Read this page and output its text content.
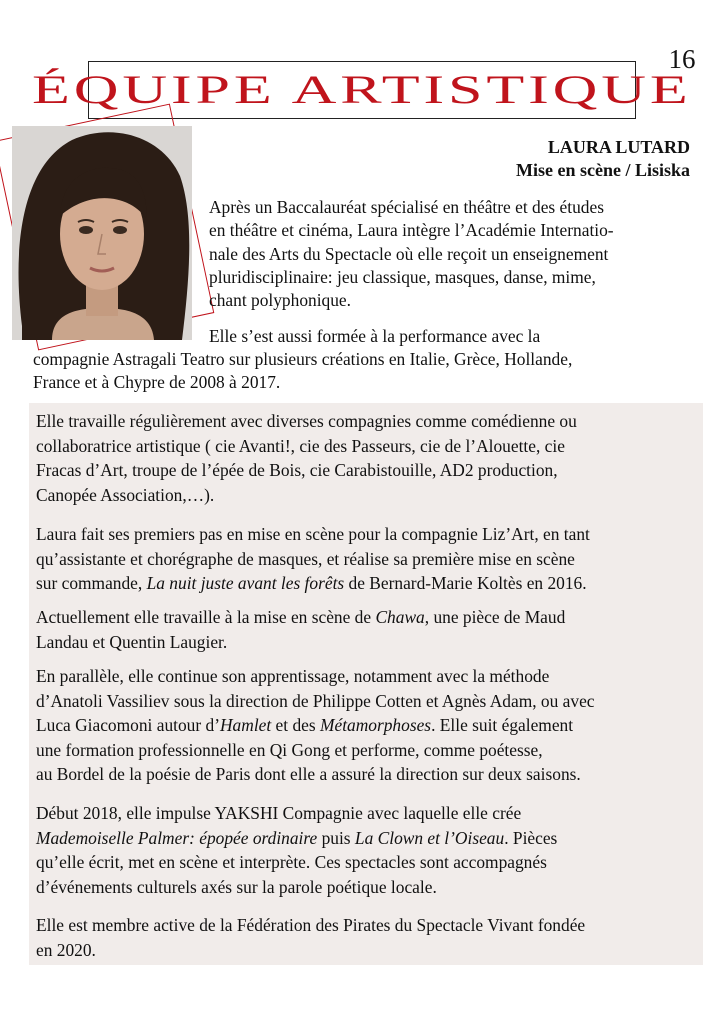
16
ÉQUIPE ARTISTIQUE
LAURA LUTARD
Mise en scène / Lisiska

Après un Baccalauréat spécialisé en théâtre et des études
en théâtre et cinéma, Laura intègre l’Académie Internatio-
nale des Arts du Spectacle où elle reçoit un enseignement
pluridisciplinaire: jeu classique, masques, danse, mime,
chant polyphonique.

Elle s’est aussi formée à la performance avec la

compagnie Astragali Teatro sur plusieurs créations en Italie, Grèce, Hollande,
France et à Chypre de 2008 à 2017.

Elle travaille régulièrement avec diverses compagnies comme comédienne ou
collaboratrice artistique ( cie Avanti!, cie des Passeurs, cie de l’Alouette, cie
Fracas d’Art, troupe de l’épée de Bois, cie Carabistouille, AD2 production,
Canopée Association,…).

Laura fait ses premiers pas en mise en scène pour la compagnie Liz’Art, en tant
qu’assistante et chorégraphe de masques, et réalise sa première mise en scène
sur commande, La nuit juste avant les forêts de Bernard-Marie Koltès en 2016.

Actuellement elle travaille à la mise en scène de Chawa, une pièce de Maud
Landau et Quentin Laugier.

En parallèle, elle continue son apprentissage, notamment avec la méthode
d’Anatoli Vassiliev sous la direction de Philippe Cotten et Agnès Adam, ou avec
Luca Giacomoni autour d’Hamlet et des Métamorphoses. Elle suit également
une formation professionnelle en Qi Gong et performe, comme poétesse,
au Bordel de la poésie de Paris dont elle a assuré la direction sur deux saisons.

Début 2018, elle impulse YAKSHI Compagnie avec laquelle elle crée
Mademoiselle Palmer: épopée ordinaire puis La Clown et l’Oiseau. Pièces
qu’elle écrit, met en scène et interprète. Ces spectacles sont accompagnés
d’événements culturels axés sur la parole poétique locale.

Elle est membre active de la Fédération des Pirates du Spectacle Vivant fondée
en 2020.
